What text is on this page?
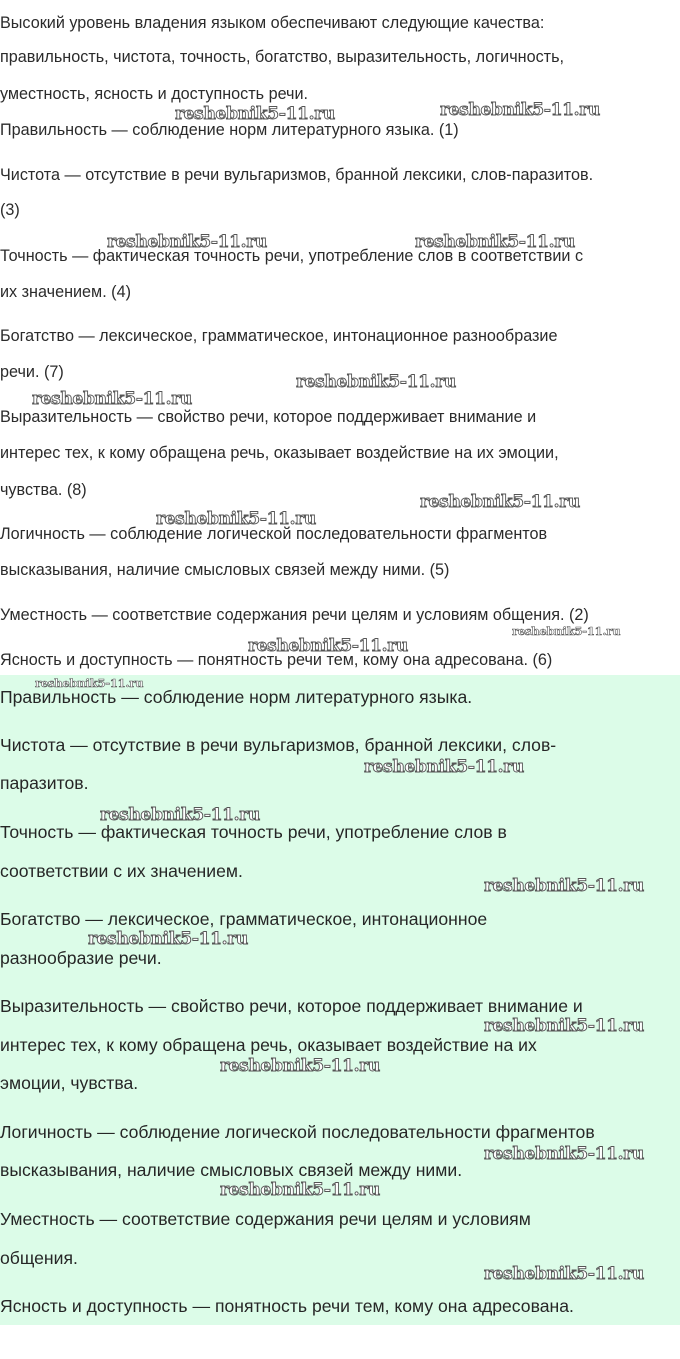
Высокий уровень владения языком обеспечивают следующие качества:
правильность, чистота, точность, богатство, выразительность, логичность,
уместность, ясность и доступность речи.
Правильность — соблюдение норм литературного языка. (1)
Чистота — отсутствие в речи вульгаризмов, бранной лексики, слов-паразитов.
(3)
Точность — фактическая точность речи, употребление слов в соответствии с
их значением. (4)
Богатство — лексическое, грамматическое, интонационное разнообразие
речи. (7)
Выразительность — свойство речи, которое поддерживает внимание и
интерес тех, к кому обращена речь, оказывает воздействие на их эмоции,
чувства. (8)
Логичность — соблюдение логической последовательности фрагментов
высказывания, наличие смысловых связей между ними. (5)
Уместность — соответствие содержания речи целям и условиям общения. (2)
Ясность и доступность — понятность речи тем, кому она адресована. (6)
Правильность — соблюдение норм литературного языка.
Чистота — отсутствие в речи вульгаризмов, бранной лексики, слов-
паразитов.
Точность — фактическая точность речи, употребление слов в
соответствии с их значением.
Богатство — лексическое, грамматическое, интонационное
разнообразие речи.
Выразительность — свойство речи, которое поддерживает внимание и
интерес тех, к кому обращена речь, оказывает воздействие на их
эмоции, чувства.
Логичность — соблюдение логической последовательности фрагментов
высказывания, наличие смысловых связей между ними.
Уместность — соответствие содержания речи целям и условиям
общения.
Ясность и доступность — понятность речи тем, кому она адресована.
reshebnik5-11.ru	reshebnik5-11.ru
reshebnik5-11.ru	reshebnik5-11.ru
reshebnik5-11.ru
reshebnik5-11.ru
reshebnik5-11.ru
reshebnik5-11.ru
reshebnik5-11.ru
reshebnik5-11.ru
reshebnik5-11.ru
reshebnik5-11.ru
reshebnik5-11.ru
reshebnik5-11.ru
reshebnik5-11.ru
reshebnik5-11.ru
reshebnik5-11.ru
reshebnik5-11.ru
reshebnik5-11.ru
reshebnik5-11.ru
